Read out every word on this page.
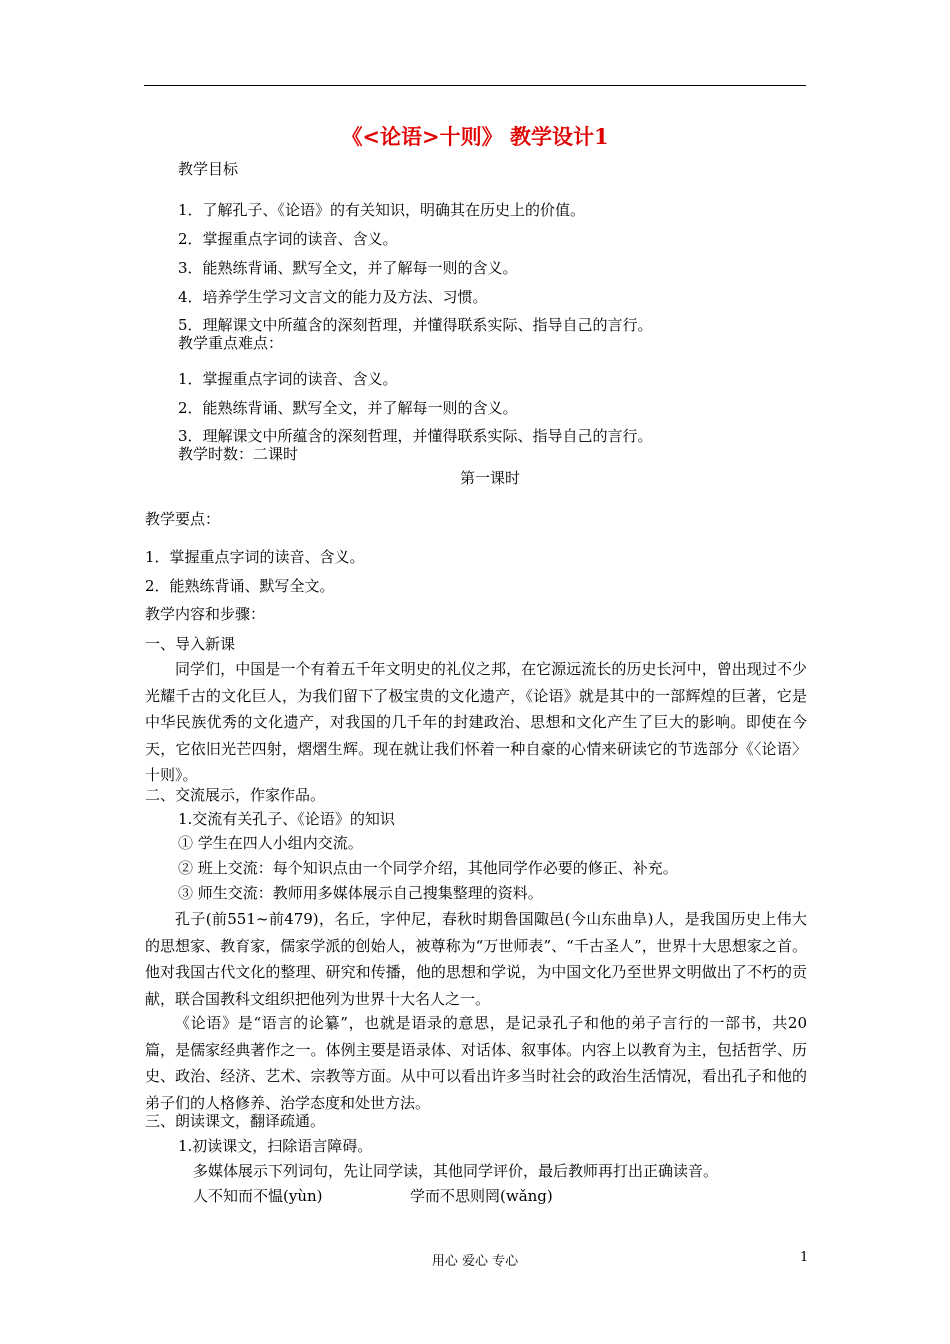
《<论语>十则》 教学设计1
教学目标
1．了解孔子、《论语》的有关知识，明确其在历史上的价值。
2．掌握重点字词的读音、含义。
3．能熟练背诵、默写全文，并了解每一则的含义。
4．培养学生学习文言文的能力及方法、习惯。
5．理解课文中所蕴含的深刻哲理，并懂得联系实际、指导自己的言行。
教学重点难点：
1．掌握重点字词的读音、含义。
2．能熟练背诵、默写全文，并了解每一则的含义。
3．理解课文中所蕴含的深刻哲理，并懂得联系实际、指导自己的言行。
教学时数：二课时
第一课时
教学要点：
1．掌握重点字词的读音、含义。
2．能熟练背诵、默写全文。
教学内容和步骤：
一、导入新课
同学们，中国是一个有着五千年文明史的礼仪之邦，在它源远流长的历史长河中，曾出现过不少光耀千古的文化巨人，为我们留下了极宝贵的文化遗产，《论语》就是其中的一部辉煌的巨著，它是中华民族优秀的文化遗产，对我国的几千年的封建政治、思想和文化产生了巨大的影响。即使在今天，它依旧光芒四射，熠熠生辉。现在就让我们怀着一种自豪的心情来研读它的节选部分《〈论语〉十则》。
二、交流展示，作家作品。
1.交流有关孔子、《论语》的知识
① 学生在四人小组内交流。
② 班上交流：每个知识点由一个同学介绍，其他同学作必要的修正、补充。
③ 师生交流：教师用多媒体展示自己搜集整理的资料。
孔子(前551~前479)，名丘，字仲尼，春秋时期鲁国陬邑(今山东曲阜)人，是我国历史上伟大的思想家、教育家，儒家学派的创始人，被尊称为“万世师表”、“千古圣人”，世界十大思想家之首。他对我国古代文化的整理、研究和传播，他的思想和学说，为中国文化乃至世界文明做出了不朽的贡献，联合国教科文组织把他列为世界十大名人之一。
《论语》是“语言的论纂”，也就是语录的意思，是记录孔子和他的弟子言行的一部书，共20篇，是儒家经典著作之一。体例主要是语录体、对话体、叙事体。内容上以教育为主，包括哲学、历史、政治、经济、艺术、宗教等方面。从中可以看出许多当时社会的政治生活情况，看出孔子和他的弟子们的人格修养、治学态度和处世方法。
三、朗读课文，翻译疏通。
1.初读课文，扫除语言障碍。
多媒体展示下列词句，先让同学读，其他同学评价，最后教师再打出正确读音。
人不知而不愠(yùn)	学而不思则罔(wǎng)
用心 爱心 专心	1
